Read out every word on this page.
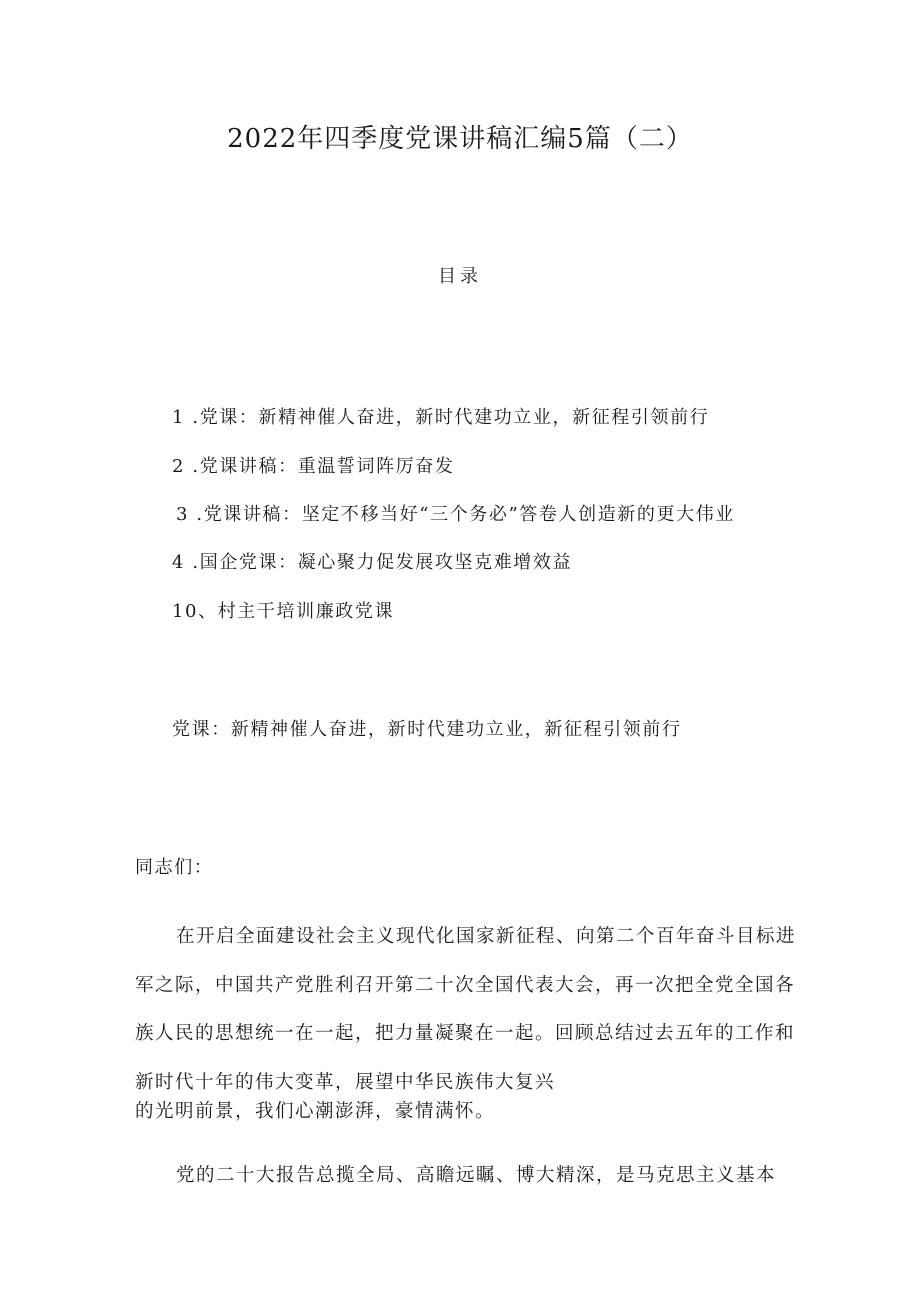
2022年四季度党课讲稿汇编5篇（二）
目录
1 .党课：新精神催人奋进，新时代建功立业，新征程引领前行
2 .党课讲稿：重温誓词阵厉奋发
3 .党课讲稿：坚定不移当好“三个务必”答卷人创造新的更大伟业
4 .国企党课：凝心聚力促发展攻坚克难增效益
10、村主干培训廉政党课
党课：新精神催人奋进，新时代建功立业，新征程引领前行
同志们：
在开启全面建设社会主义现代化国家新征程、向第二个百年奋斗目标进
军之际，中国共产党胜利召开第二十次全国代表大会，再一次把全党全国各
族人民的思想统一在一起，把力量凝聚在一起。回顾总结过去五年的工作和
新时代十年的伟大变革，展望中华民族伟大复兴
的光明前景，我们心潮澎湃，豪情满怀。
党的二十大报告总揽全局、高瞻远瞩、博大精深，是马克思主义基本
